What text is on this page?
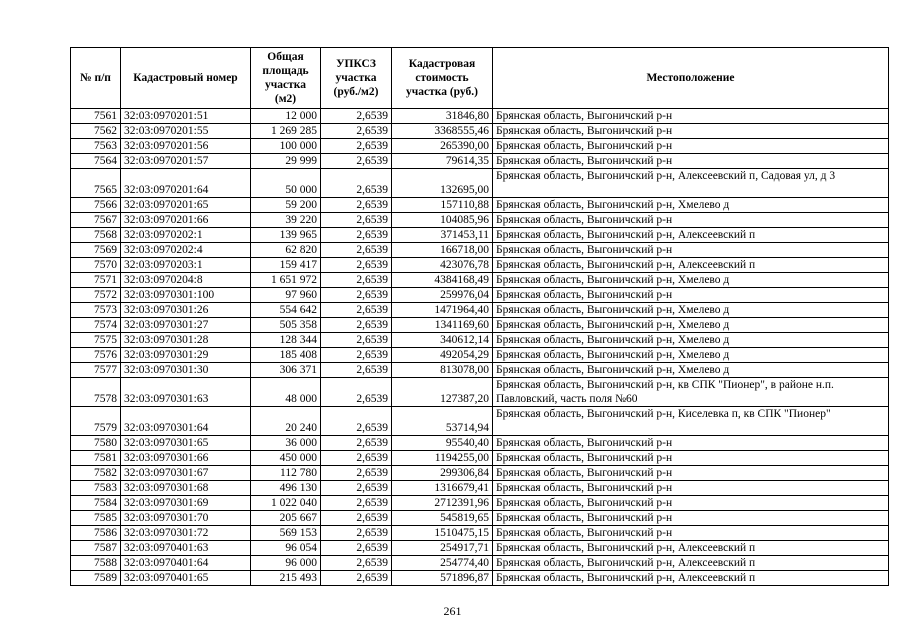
№ п/п	Кадастровый номер	Общая площадь участка (м2)	УПКСЗ участка (руб./м2)	Кадастровая стоимость участка (руб.)	Местоположение
7561	32:03:0970201:51	12 000	2,6539	31846,80	Брянская область, Выгоничский р-н
7562	32:03:0970201:55	1 269 285	2,6539	3368555,46	Брянская область, Выгоничский р-н
7563	32:03:0970201:56	100 000	2,6539	265390,00	Брянская область, Выгоничский р-н
7564	32:03:0970201:57	29 999	2,6539	79614,35	Брянская область, Выгоничский р-н
7565	32:03:0970201:64	50 000	2,6539	132695,00	Брянская область, Выгоничский р-н, Алексеевский п, Садовая ул, д 3
7566	32:03:0970201:65	59 200	2,6539	157110,88	Брянская область, Выгоничский р-н, Хмелево д
7567	32:03:0970201:66	39 220	2,6539	104085,96	Брянская область, Выгоничский р-н
7568	32:03:0970202:1	139 965	2,6539	371453,11	Брянская область, Выгоничский р-н, Алексеевский п
7569	32:03:0970202:4	62 820	2,6539	166718,00	Брянская область, Выгоничский р-н
7570	32:03:0970203:1	159 417	2,6539	423076,78	Брянская область, Выгоничский р-н, Алексеевский п
7571	32:03:0970204:8	1 651 972	2,6539	4384168,49	Брянская область, Выгоничский р-н, Хмелево д
7572	32:03:0970301:100	97 960	2,6539	259976,04	Брянская область, Выгоничский р-н
7573	32:03:0970301:26	554 642	2,6539	1471964,40	Брянская область, Выгоничский р-н, Хмелево д
7574	32:03:0970301:27	505 358	2,6539	1341169,60	Брянская область, Выгоничский р-н, Хмелево д
7575	32:03:0970301:28	128 344	2,6539	340612,14	Брянская область, Выгоничский р-н, Хмелево д
7576	32:03:0970301:29	185 408	2,6539	492054,29	Брянская область, Выгоничский р-н, Хмелево д
7577	32:03:0970301:30	306 371	2,6539	813078,00	Брянская область, Выгоничский р-н, Хмелево д
7578	32:03:0970301:63	48 000	2,6539	127387,20	Брянская область, Выгоничский р-н, кв СПК "Пионер", в районе н.п. Павловский, часть поля №60
7579	32:03:0970301:64	20 240	2,6539	53714,94	Брянская область, Выгоничский р-н, Киселевка п, кв СПК "Пионер"
7580	32:03:0970301:65	36 000	2,6539	95540,40	Брянская область, Выгоничский р-н
7581	32:03:0970301:66	450 000	2,6539	1194255,00	Брянская область, Выгоничский р-н
7582	32:03:0970301:67	112 780	2,6539	299306,84	Брянская область, Выгоничский р-н
7583	32:03:0970301:68	496 130	2,6539	1316679,41	Брянская область, Выгоничский р-н
7584	32:03:0970301:69	1 022 040	2,6539	2712391,96	Брянская область, Выгоничский р-н
7585	32:03:0970301:70	205 667	2,6539	545819,65	Брянская область, Выгоничский р-н
7586	32:03:0970301:72	569 153	2,6539	1510475,15	Брянская область, Выгоничский р-н
7587	32:03:0970401:63	96 054	2,6539	254917,71	Брянская область, Выгоничский р-н, Алексеевский п
7588	32:03:0970401:64	96 000	2,6539	254774,40	Брянская область, Выгоничский р-н, Алексеевский п
7589	32:03:0970401:65	215 493	2,6539	571896,87	Брянская область, Выгоничский р-н, Алексеевский п
261
